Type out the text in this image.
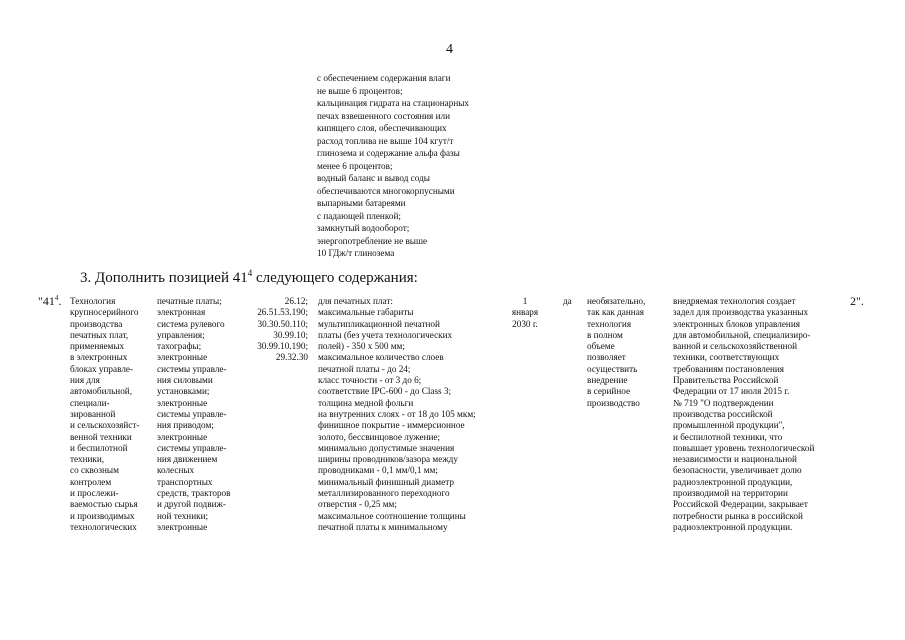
4
с обеспечением содержания влаги
не выше 6 процентов;
кальцинация гидрата на стационарных
печах взвешенного состояния или
кипящего слоя, обеспечивающих
расход топлива не выше 104 кгут/т
глинозема и содержание альфа фазы
менее 6 процентов;
водный баланс и вывод соды
обеспечиваются многокорпусными
выпарными батареями
с падающей пленкой;
замкнутый водооборот;
энергопотребление не выше
10 ГДж/т глинозема
3. Дополнить позицией $41^4$ следующего содержания:
"$41^4$. Технология
крупносерийного
производства
печатных плат,
применяемых
в электронных
блоках управле-
ния для
автомобильной,
специали-
зированной
и сельскохозяйст-
венной техники
и беспилотной
техники,
со сквозным
контролем
и прослежи-
ваемостью сырья
и производимых
технологических
печатные платы;
электронная
система рулевого
управления;
тахографы;
электронные
системы управле-
ния силовыми
установками;
электронные
системы управле-
ния приводом;
электронные
системы управле-
ния движением
колесных
транспортных
средств, тракторов
и другой подвиж-
ной техники;
электронные
26.12;
26.51.53.190;
30.30.50.110;
30.99.10;
30.99.10.190;
29.32.30
для печатных плат:
максимальные габариты
мультипликационной печатной
платы (без учета технологических
полей) - 350 х 500 мм;
максимальное количество слоев
печатной платы - до 24;
класс точности - от 3 до 6;
соответствие IPC-600 - до Class 3;
толщина медной фольги
на внутренних слоях - от 18 до 105 мкм;
финишное покрытие - иммерсионное
золото, бессвинцовое лужение;
минимально допустимые значения
ширины проводников/зазора между
проводниками - 0,1 мм/0,1 мм;
минимальный финишный диаметр
металлизированного переходного
отверстия - 0,25 мм;
максимальное соотношение толщины
печатной платы к минимальному
1
января
2030 г.
да необязательно,
так как данная
технология
в полном
объеме
позволяет
осуществить
внедрение
в серийное
производство
внедряемая технология создает
задел для производства указанных
электронных блоков управления
для автомобильной, специализиро-
ванной и сельскохозяйственной
техники, соответствующих
требованиям постановления
Правительства Российской
Федерации от 17 июля 2015 г.
№ 719 "О подтверждении
производства российской
промышленной продукции",
и беспилотной техники, что
повышает уровень технологической
независимости и национальной
безопасности, увеличивает долю
радиоэлектронной продукции,
производимой на территории
Российской Федерации, закрывает
потребности рынка в российской
радиоэлектронной продукции.
2".
